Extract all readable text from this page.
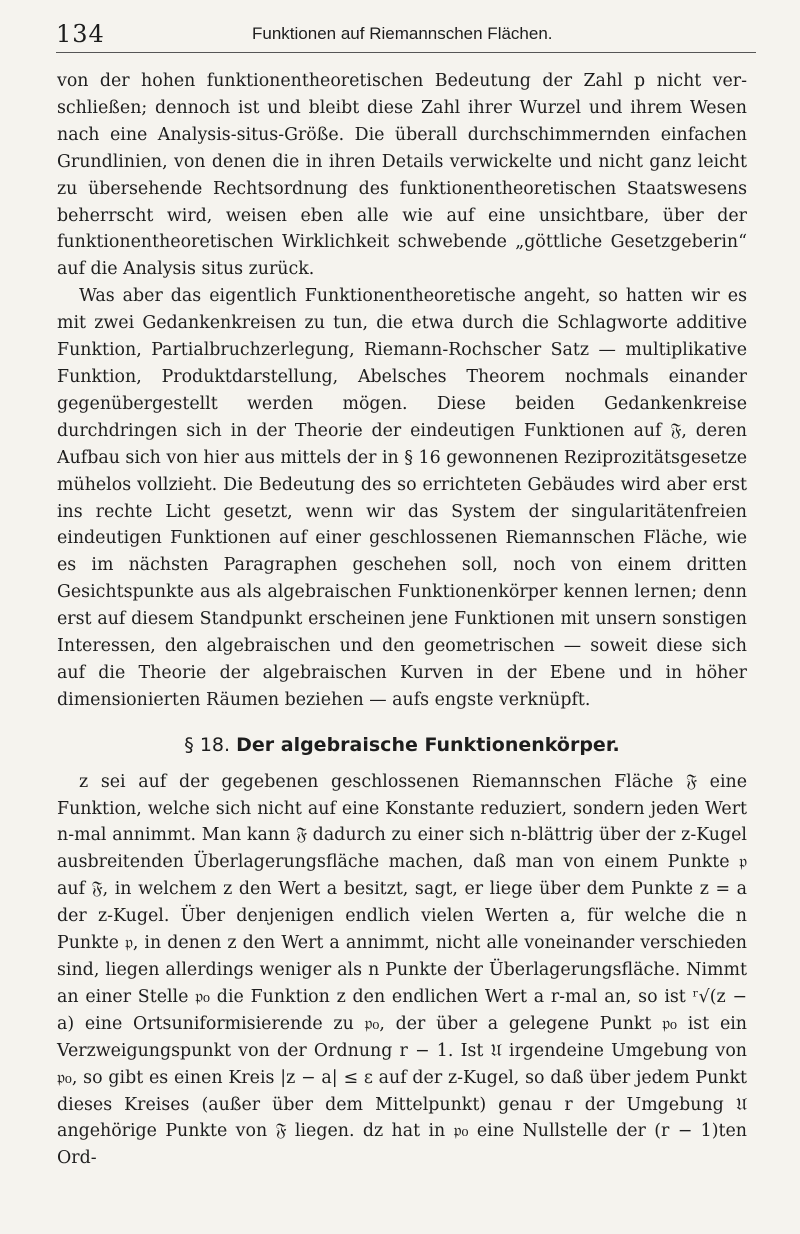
134	Funktionen auf Riemannschen Flächen.

von der hohen funktionentheoretischen Bedeutung der Zahl p nicht verschließen; dennoch ist und bleibt diese Zahl ihrer Wurzel und ihrem Wesen nach eine Analysis-situs-Größe. Die überall durchschimmernden einfachen Grundlinien, von denen die in ihren Details verwickelte und nicht ganz leicht zu übersehende Rechtsordnung des funktionentheoretischen Staatswesens beherrscht wird, weisen eben alle wie auf eine unsichtbare, über der funktionentheoretischen Wirklichkeit schwebende „göttliche Gesetzgeberin“ auf die Analysis situs zurück.

Was aber das eigentlich Funktionentheoretische angeht, so hatten wir es mit zwei Gedankenkreisen zu tun, die etwa durch die Schlagworte additive Funktion, Partialbruchzerlegung, Riemann-Rochscher Satz — multiplikative Funktion, Produktdarstellung, Abelsches Theorem nochmals einander gegenübergestellt werden mögen. Diese beiden Gedankenkreise durchdringen sich in der Theorie der eindeutigen Funktionen auf 𝔉, deren Aufbau sich von hier aus mittels der in § 16 gewonnenen Reziprozitätsgesetze mühelos vollzieht. Die Bedeutung des so errichteten Gebäudes wird aber erst ins rechte Licht gesetzt, wenn wir das System der singularitätenfreien eindeutigen Funktionen auf einer geschlossenen Riemannschen Fläche, wie es im nächsten Paragraphen geschehen soll, noch von einem dritten Gesichtspunkte aus als algebraischen Funktionenkörper kennen lernen; denn erst auf diesem Standpunkt erscheinen jene Funktionen mit unsern sonstigen Interessen, den algebraischen und den geometrischen — soweit diese sich auf die Theorie der algebraischen Kurven in der Ebene und in höher dimensionierten Räumen beziehen — aufs engste verknüpft.

§ 18. Der algebraische Funktionenkörper.

z sei auf der gegebenen geschlossenen Riemannschen Fläche 𝔉 eine Funktion, welche sich nicht auf eine Konstante reduziert, sondern jeden Wert n-mal annimmt. Man kann 𝔉 dadurch zu einer sich n-blättrig über der z-Kugel ausbreitenden Überlagerungsfläche machen, daß man von einem Punkte 𝔭 auf 𝔉, in welchem z den Wert a besitzt, sagt, er liege über dem Punkte z = a der z-Kugel. Über denjenigen endlich vielen Werten a, für welche die n Punkte 𝔭, in denen z den Wert a annimmt, nicht alle voneinander verschieden sind, liegen allerdings weniger als n Punkte der Überlagerungsfläche. Nimmt an einer Stelle 𝔭₀ die Funktion z den endlichen Wert a r-mal an, so ist ʳ√(z − a) eine Ortsuniformisierende zu 𝔭₀, der über a gelegene Punkt 𝔭₀ ist ein Verzweigungspunkt von der Ordnung r − 1. Ist 𝔘 irgendeine Umgebung von 𝔭₀, so gibt es einen Kreis |z − a| ≤ ε auf der z-Kugel, so daß über jedem Punkt dieses Kreises (außer über dem Mittelpunkt) genau r der Umgebung 𝔘 angehörige Punkte von 𝔉 liegen. dz hat in 𝔭₀ eine Nullstelle der (r − 1)ten Ord-
